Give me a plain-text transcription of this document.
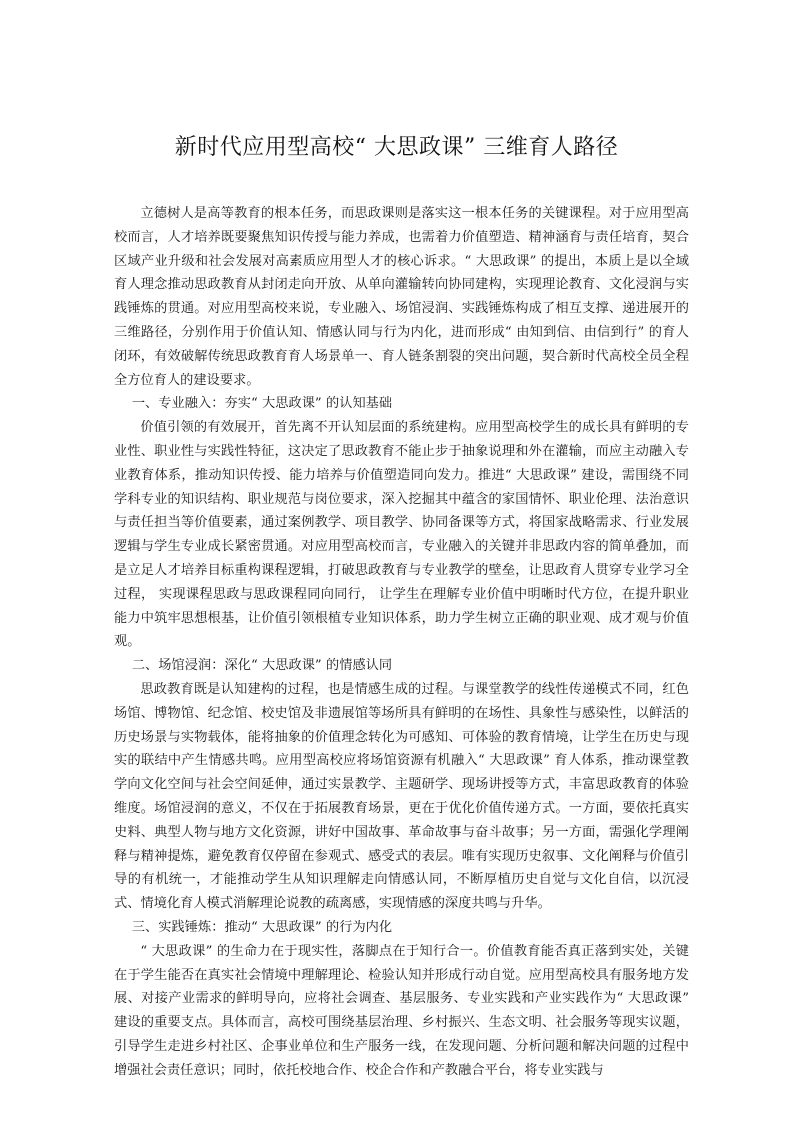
新时代应用型高校“ 大思政课” 三维育人路径

立德树人是高等教育的根本任务，而思政课则是落实这一根本任务的关键课程。对于应用型高校而言，人才培养既要聚焦知识传授与能力养成，也需着力价值塑造、精神涵育与责任培育，契合区域产业升级和社会发展对高素质应用型人才的核心诉求。“ 大思政课” 的提出，本质上是以全域育人理念推动思政教育从封闭走向开放、从单向灌输转向协同建构，实现理论教育、文化浸润与实践锤炼的贯通。对应用型高校来说，专业融入、场馆浸润、实践锤炼构成了相互支撑、递进展开的三维路径，分别作用于价值认知、情感认同与行为内化，进而形成“ 由知到信、由信到行” 的育人闭环，有效破解传统思政教育育人场景单一、育人链条割裂的突出问题，契合新时代高校全员全程全方位育人的建设要求。

一、专业融入：夯实“ 大思政课” 的认知基础

价值引领的有效展开，首先离不开认知层面的系统建构。应用型高校学生的成长具有鲜明的专业性、职业性与实践性特征，这决定了思政教育不能止步于抽象说理和外在灌输，而应主动融入专业教育体系，推动知识传授、能力培养与价值塑造同向发力。推进“ 大思政课” 建设，需围绕不同学科专业的知识结构、职业规范与岗位要求，深入挖掘其中蕴含的家国情怀、职业伦理、法治意识与责任担当等价值要素，通过案例教学、项目教学、协同备课等方式，将国家战略需求、行业发展逻辑与学生专业成长紧密贯通。对应用型高校而言，专业融入的关键并非思政内容的简单叠加，而是立足人才培养目标重构课程逻辑，打破思政教育与专业教学的壁垒，让思政育人贯穿专业学习全过程， 实现课程思政与思政课程同向同行， 让学生在理解专业价值中明晰时代方位，在提升职业能力中筑牢思想根基，让价值引领根植专业知识体系，助力学生树立正确的职业观、成才观与价值观。

二、场馆浸润：深化“ 大思政课” 的情感认同

思政教育既是认知建构的过程，也是情感生成的过程。与课堂教学的线性传递模式不同，红色场馆、博物馆、纪念馆、校史馆及非遗展馆等场所具有鲜明的在场性、具象性与感染性，以鲜活的历史场景与实物载体，能将抽象的价值理念转化为可感知、可体验的教育情境，让学生在历史与现实的联结中产生情感共鸣。应用型高校应将场馆资源有机融入“ 大思政课” 育人体系，推动课堂教学向文化空间与社会空间延伸，通过实景教学、主题研学、现场讲授等方式，丰富思政教育的体验维度。场馆浸润的意义，不仅在于拓展教育场景，更在于优化价值传递方式。一方面，要依托真实史料、典型人物与地方文化资源，讲好中国故事、革命故事与奋斗故事；另一方面，需强化学理阐释与精神提炼，避免教育仅停留在参观式、感受式的表层。唯有实现历史叙事、文化阐释与价值引导的有机统一，才能推动学生从知识理解走向情感认同，不断厚植历史自觉与文化自信，以沉浸式、情境化育人模式消解理论说教的疏离感，实现情感的深度共鸣与升华。

三、实践锤炼：推动“ 大思政课” 的行为内化

“ 大思政课” 的生命力在于现实性，落脚点在于知行合一。价值教育能否真正落到实处，关键在于学生能否在真实社会情境中理解理论、检验认知并形成行动自觉。应用型高校具有服务地方发展、对接产业需求的鲜明导向，应将社会调查、基层服务、专业实践和产业实践作为“ 大思政课” 建设的重要支点。具体而言，高校可围绕基层治理、乡村振兴、生态文明、社会服务等现实议题，引导学生走进乡村社区、企事业单位和生产服务一线，在发现问题、分析问题和解决问题的过程中增强社会责任意识；同时，依托校地合作、校企合作和产教融合平台，将专业实践与
